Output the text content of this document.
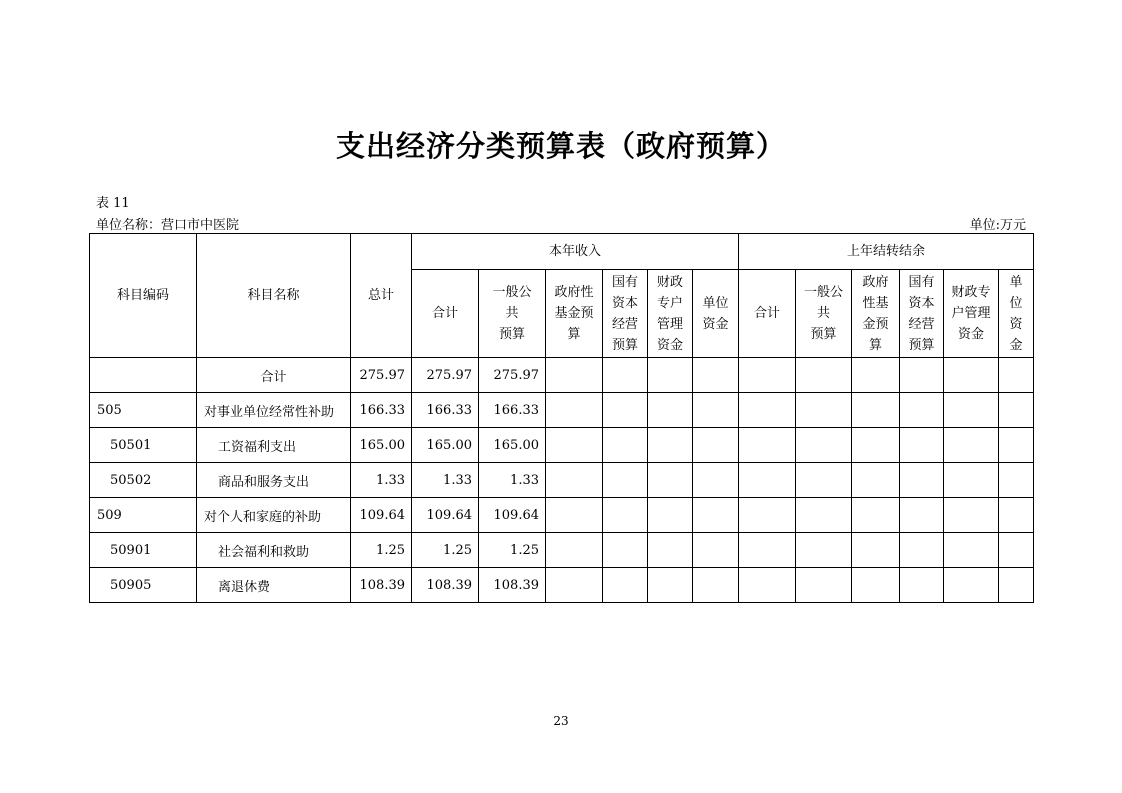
支出经济分类预算表（政府预算）
表 11
单位名称：营口市中医院	单位:万元
科目编码	科目名称	总计	本年收入						上年结转结余					

			合计	一般公
共
预算	政府性
基金预
算	国有
资本
经营
预算	财政
专户
管理
资金	单位
资金	合计	一般公
共
预算	政府
性基
金预
算	国有
资本
经营
预算	财政专
户管理
资金	单
位
资
金

	合计	275.97	275.97	275.97										
505	对事业单位经常性补助	166.33	166.33	166.33										
50501	工资福利支出	165.00	165.00	165.00										
50502	商品和服务支出	1.33	1.33	1.33										
509	对个人和家庭的补助	109.64	109.64	109.64										
50901	社会福利和救助	1.25	1.25	1.25										
50905	离退休费	108.39	108.39	108.39										
23
